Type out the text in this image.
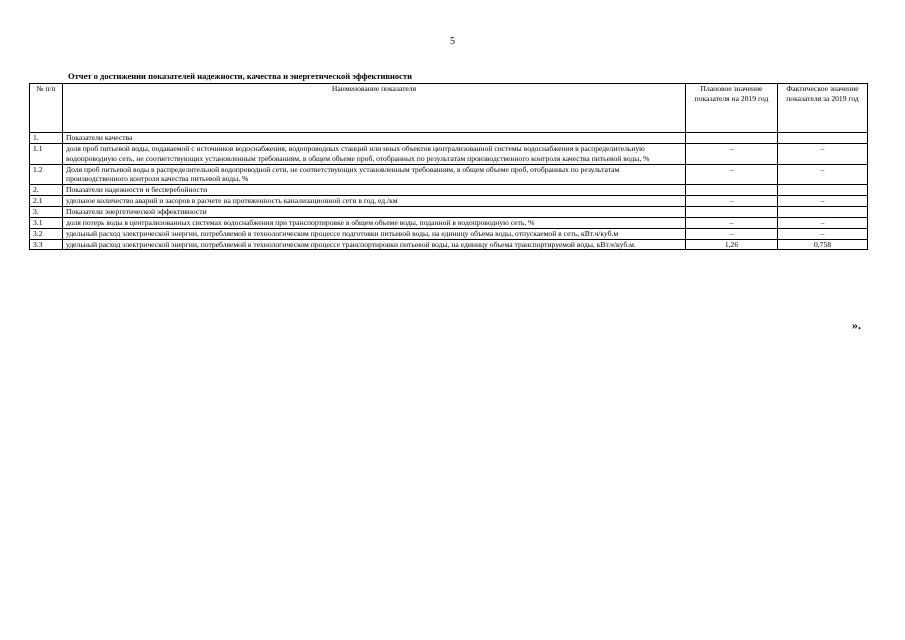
5
Отчет о достижении показателей надежности, качества и энергетической эффективности
№ п/п	Наименование показателя	Плановое значение показателя на 2019 год	Фактическое значение показателя за 2019 год
1.	Показатели качества		
1.1	доля проб питьевой воды, подаваемой с источников водоснабжения, водопроводных станций или иных объектов централизованной системы водоснабжения в распределительную водопроводную сеть, не соответствующих установленным требованиям, в общем объеме проб, отобранных по результатам производственного контроля качества питьевой воды, %	–	–
1.2	Доля проб питьевой воды в распределительной водопроводной сети, не соответствующих установленным требованиям, в общем объеме проб, отобранных по результатам производственного контроля качества питьевой воды, %	–	–
2.	Показатели надежности и бесперебойности		
2.1	удельное количество аварий и засоров в расчете на протяженность канализационной сети в год, ед./км	–	–
3.	Показатели энергетической эффективности		
3.1	доля потерь воды в централизованных системах водоснабжения при транспортировке в общем объеме воды, поданной в водопроводную сеть, %	–	–
3.2	удельный расход электрической энергии, потребляемой в технологическом процессе подготовки питьевой воды, на единицу объема воды, отпускаемой в сеть, кВт.ч/куб.м	–	–
3.3	удельный расход электрической энергии, потребляемой в технологическом процессе транспортировки питьевой воды, на единицу объема транспортируемой воды, кВт.ч/куб.м.	1,26	0,758
».
